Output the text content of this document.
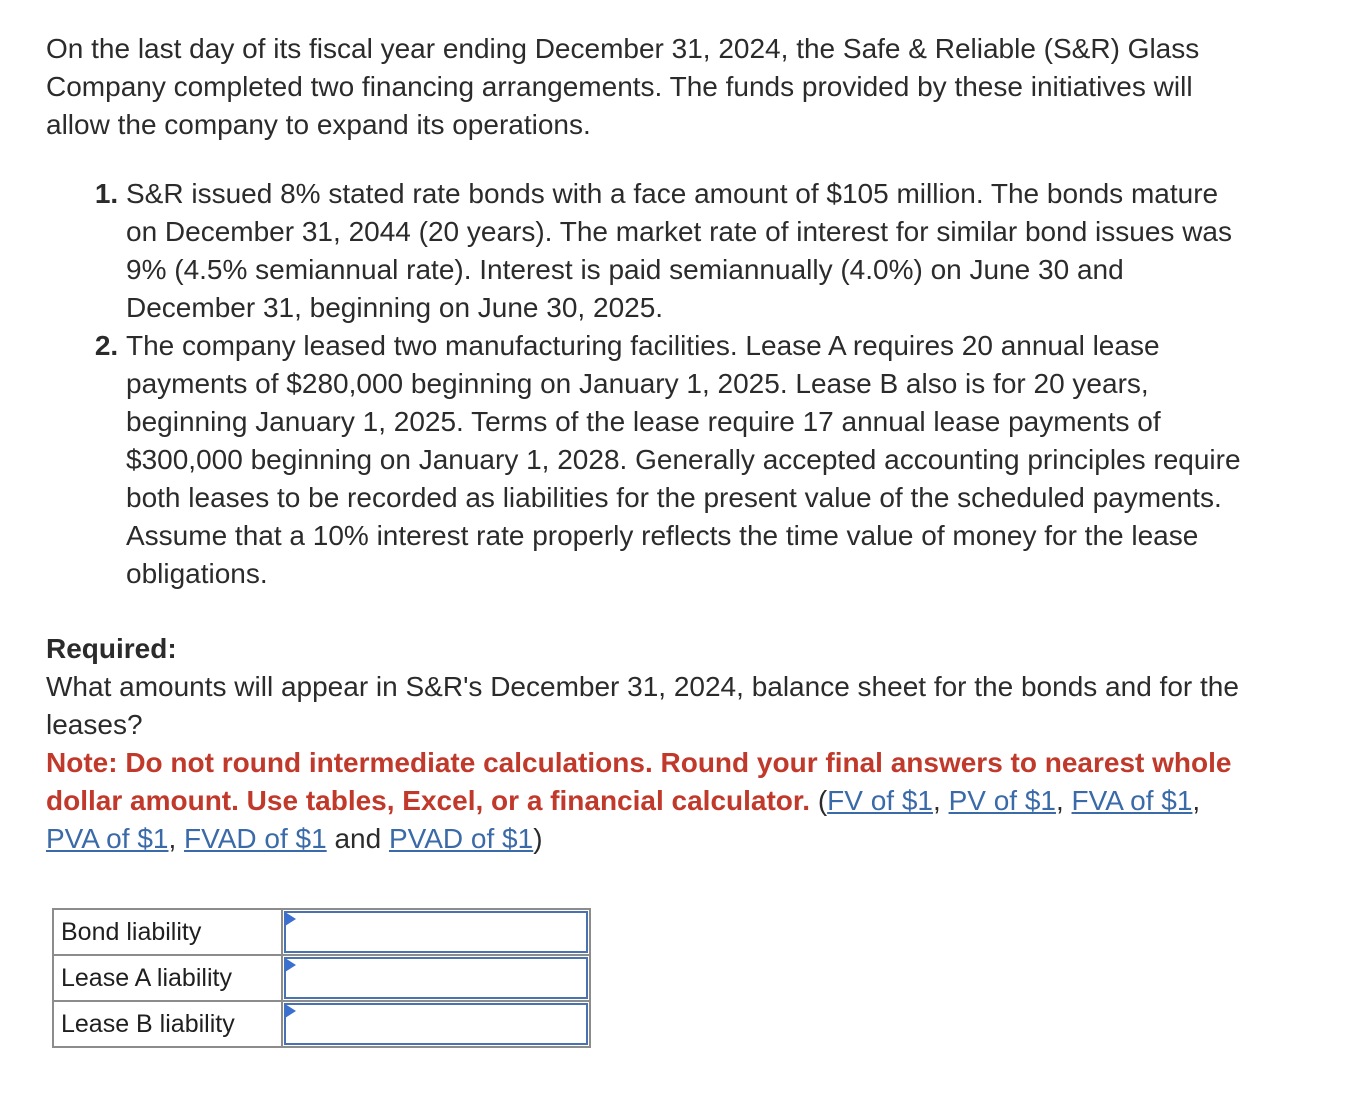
On the last day of its fiscal year ending December 31, 2024, the Safe & Reliable (S&R) Glass Company completed two financing arrangements. The funds provided by these initiatives will allow the company to expand its operations.

1. S&R issued 8% stated rate bonds with a face amount of $105 million. The bonds mature on December 31, 2044 (20 years). The market rate of interest for similar bond issues was 9% (4.5% semiannual rate). Interest is paid semiannually (4.0%) on June 30 and December 31, beginning on June 30, 2025.
2. The company leased two manufacturing facilities. Lease A requires 20 annual lease payments of $280,000 beginning on January 1, 2025. Lease B also is for 20 years, beginning January 1, 2025. Terms of the lease require 17 annual lease payments of $300,000 beginning on January 1, 2028. Generally accepted accounting principles require both leases to be recorded as liabilities for the present value of the scheduled payments. Assume that a 10% interest rate properly reflects the time value of money for the lease obligations.
Required:
What amounts will appear in S&R's December 31, 2024, balance sheet for the bonds and for the leases?
Note: Do not round intermediate calculations. Round your final answers to nearest whole dollar amount. Use tables, Excel, or a financial calculator. (FV of $1, PV of $1, FVA of $1, PVA of $1, FVAD of $1 and PVAD of $1)
Bond liability	

Lease A liability	

Lease B liability	
